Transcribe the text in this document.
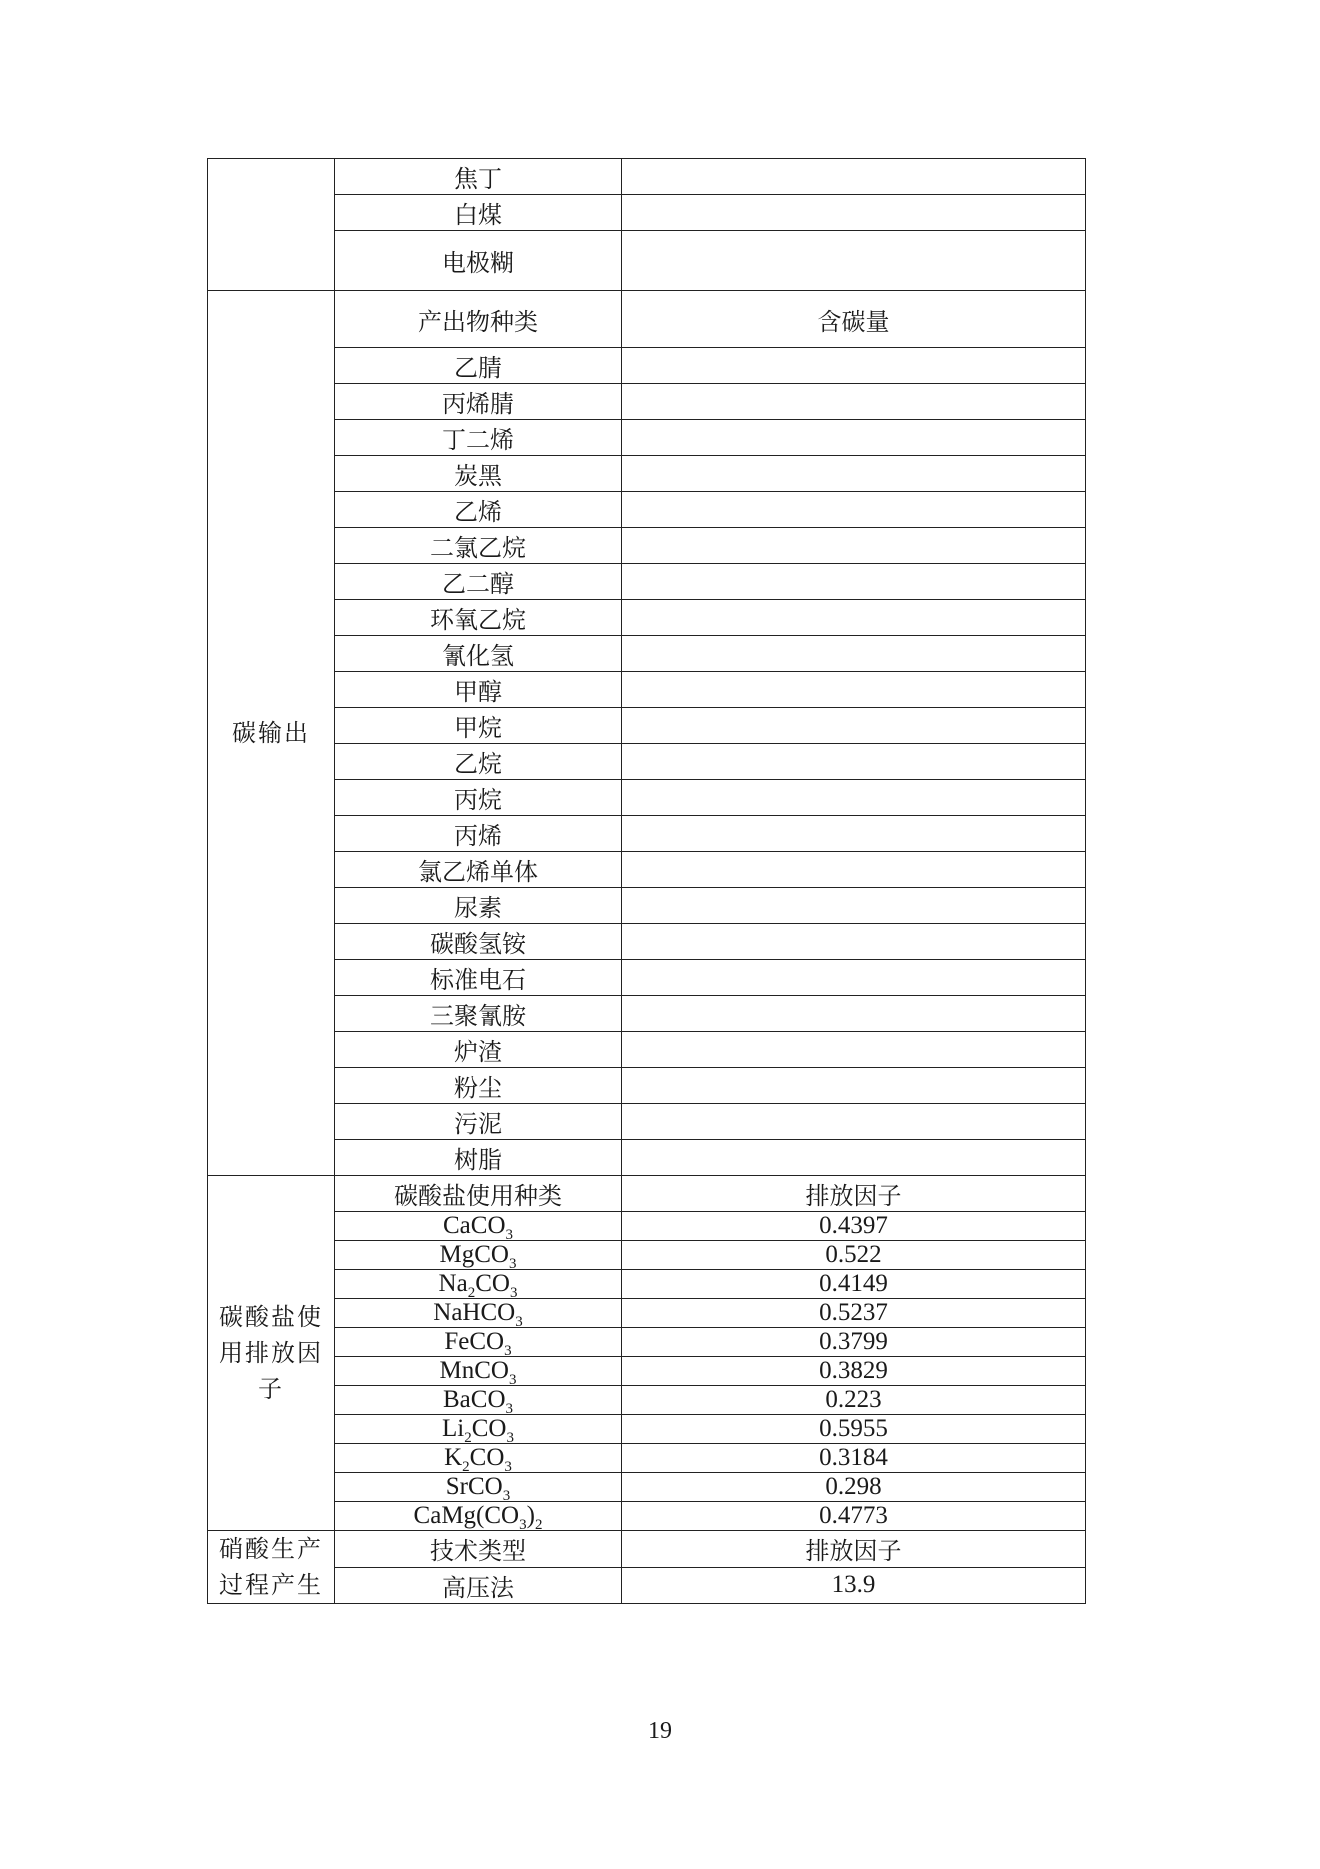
	焦丁	
	白煤	
	电极糊	
碳输出	产出物种类	含碳量
	乙腈	
	丙烯腈	
	丁二烯	
	炭黑	
	乙烯	
	二氯乙烷	
	乙二醇	
	环氧乙烷	
	氰化氢	
	甲醇	
	甲烷	
	乙烷	
	丙烷	
	丙烯	
	氯乙烯单体	
	尿素	
	碳酸氢铵	
	标准电石	
	三聚氰胺	
	炉渣	
	粉尘	
	污泥	
	树脂	
碳酸盐使用排放因子	碳酸盐使用种类	排放因子
	CaCO$_3$	0.4397
	MgCO$_3$	0.522
	$Na_2CO_3$	0.4149
	NaHCO$_3$	0.5237
	FeCO$_3$	0.3799
	MnCO$_3$	0.3829
	BaCO$_3$	0.223
	$Li_2CO_3$	0.5955
	$K_2CO_3$	0.3184
	SrCO$_3$	0.298
	$CaMg(CO_3)_2$	0.4773
硝酸生产过程产生	技术类型	排放因子
	高压法	13.9
19
